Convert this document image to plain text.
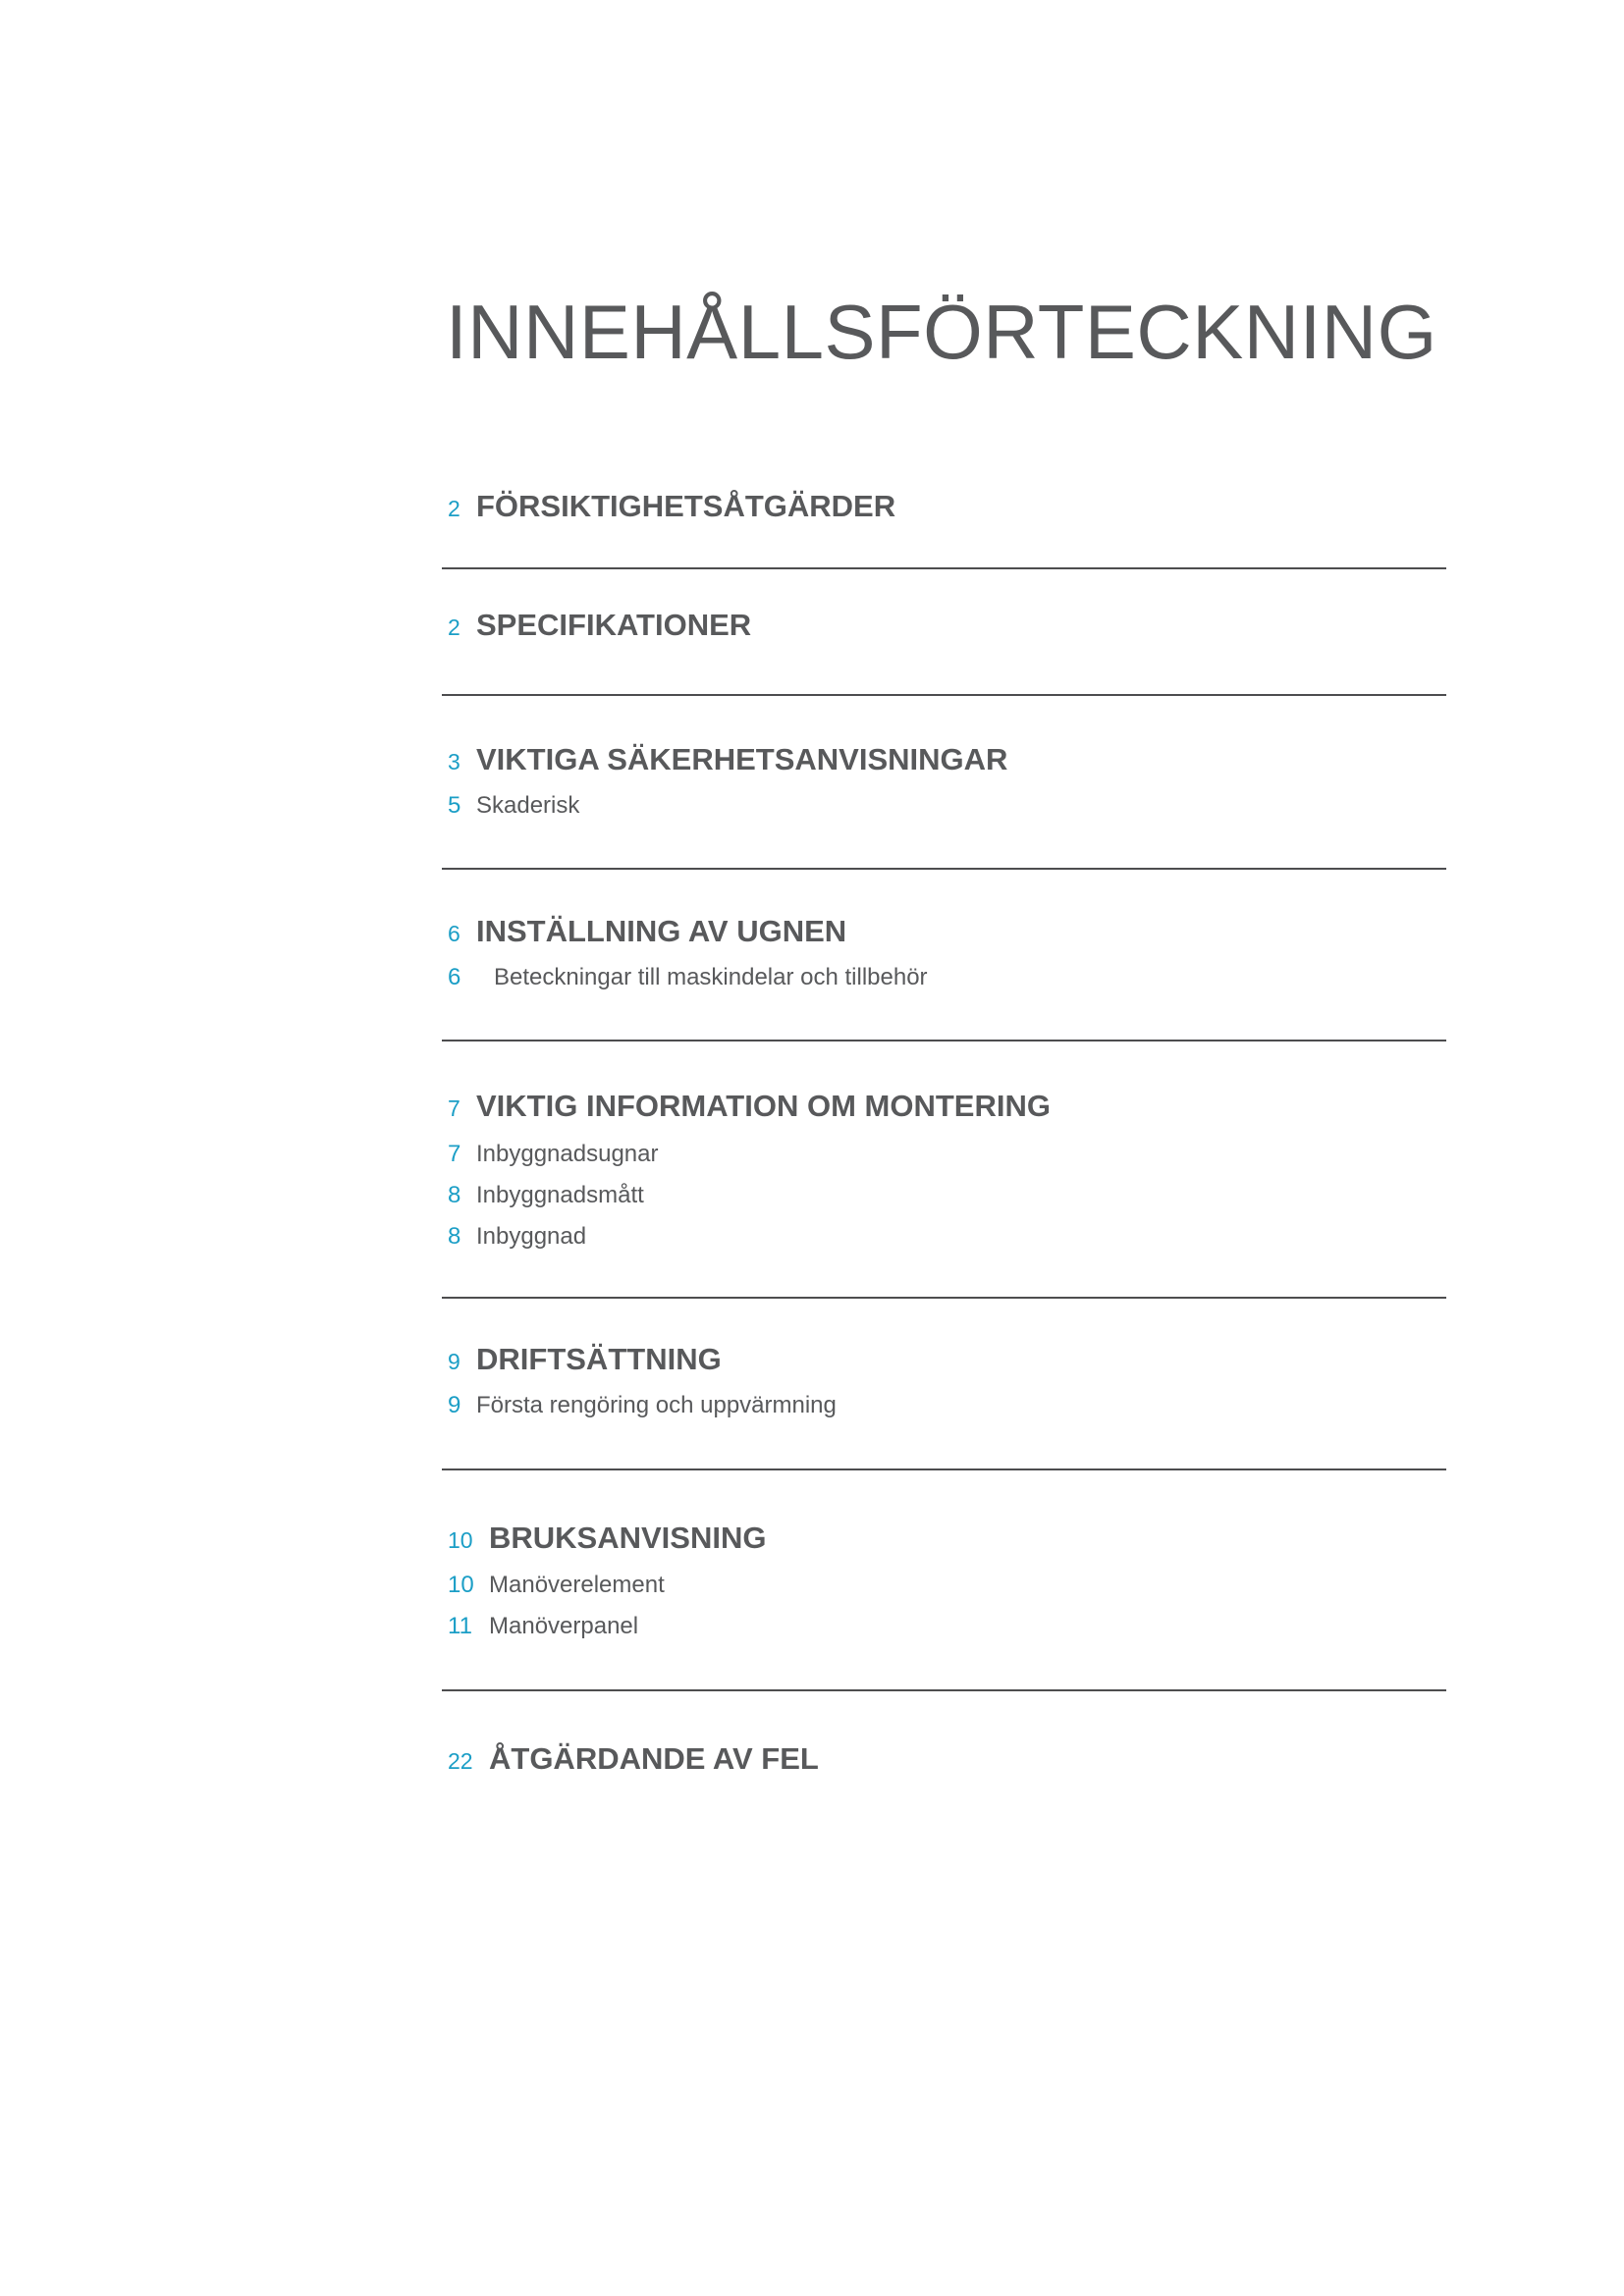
INNEHÅLLSFÖRTECKNING
2 FÖRSIKTIGHETSÅTGÄRDER
2 SPECIFIKATIONER
3 VIKTIGA SÄKERHETSANVISNINGAR
5 Skaderisk
6 INSTÄLLNING AV UGNEN
6 Beteckningar till maskindelar och tillbehör
7 VIKTIG INFORMATION OM MONTERING
7 Inbyggnadsugnar
8 Inbyggnadsmått
8 Inbyggnad
9 DRIFTSÄTTNING
9 Första rengöring och uppvärmning
10 BRUKSANVISNING
10 Manöverelement
11 Manöverpanel
22 ÅTGÄRDANDE AV FEL
